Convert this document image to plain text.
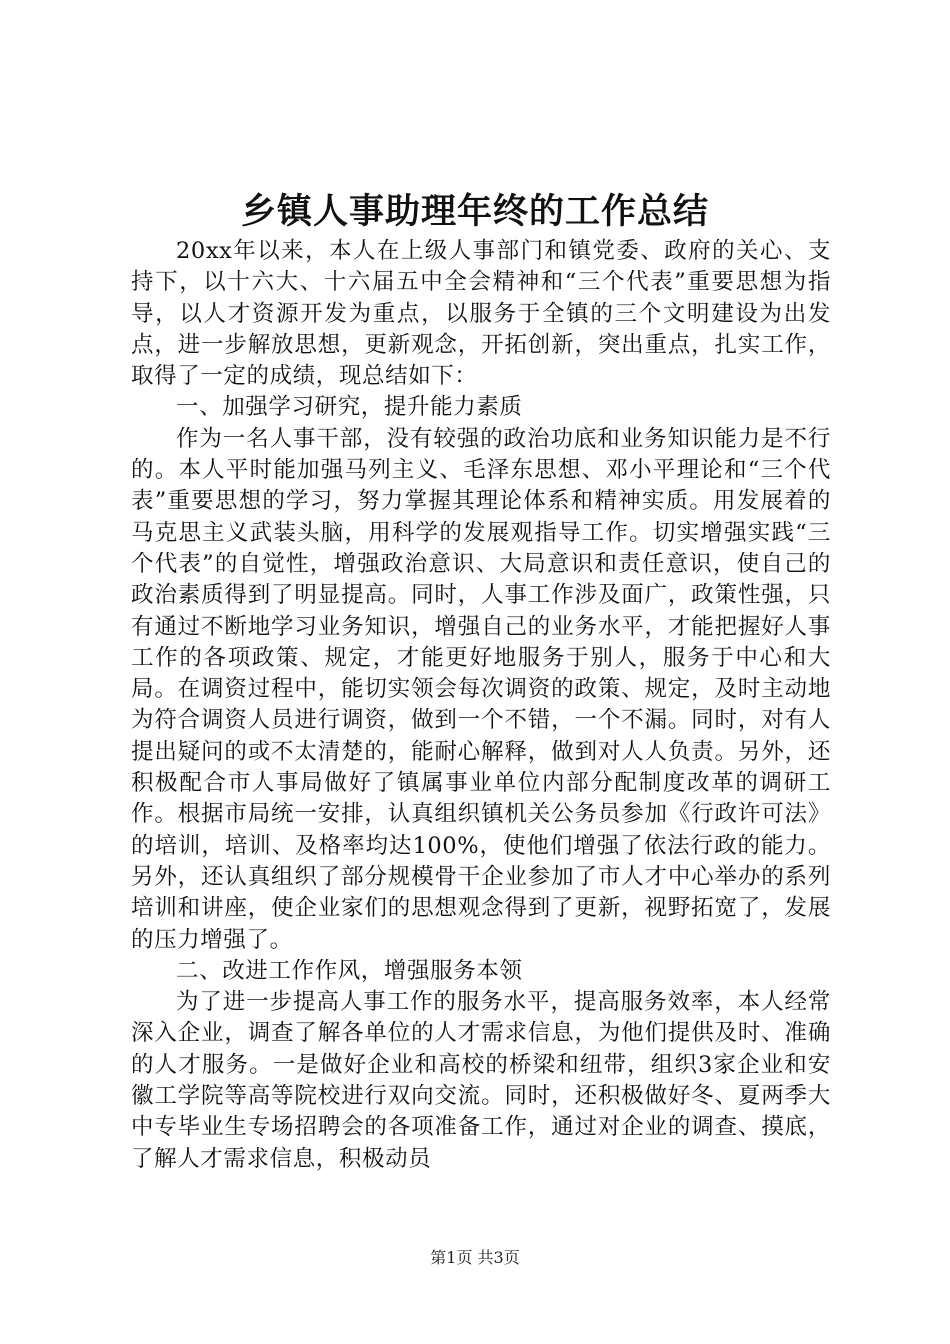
乡镇人事助理年终的工作总结

20xx年以来，本人在上级人事部门和镇党委、政府的关心、支持下，以十六大、十六届五中全会精神和“三个代表”重要思想为指导，以人才资源开发为重点，以服务于全镇的三个文明建设为出发点，进一步解放思想，更新观念，开拓创新，突出重点，扎实工作，取得了一定的成绩，现总结如下：

一、加强学习研究，提升能力素质

作为一名人事干部，没有较强的政治功底和业务知识能力是不行的。本人平时能加强马列主义、毛泽东思想、邓小平理论和“三个代表”重要思想的学习，努力掌握其理论体系和精神实质。用发展着的马克思主义武装头脑，用科学的发展观指导工作。切实增强实践“三个代表”的自觉性，增强政治意识、大局意识和责任意识，使自己的政治素质得到了明显提高。同时，人事工作涉及面广，政策性强，只有通过不断地学习业务知识，增强自己的业务水平，才能把握好人事工作的各项政策、规定，才能更好地服务于别人，服务于中心和大局。在调资过程中，能切实领会每次调资的政策、规定，及时主动地为符合调资人员进行调资，做到一个不错，一个不漏。同时，对有人提出疑问的或不太清楚的，能耐心解释，做到对人人负责。另外，还积极配合市人事局做好了镇属事业单位内部分配制度改革的调研工作。根据市局统一安排，认真组织镇机关公务员参加《行政许可法》的培训，培训、及格率均达100%，使他们增强了依法行政的能力。另外，还认真组织了部分规模骨干企业参加了市人才中心举办的系列培训和讲座，使企业家们的思想观念得到了更新，视野拓宽了，发展的压力增强了。

二、改进工作作风，增强服务本领

为了进一步提高人事工作的服务水平，提高服务效率，本人经常深入企业，调查了解各单位的人才需求信息，为他们提供及时、准确的人才服务。一是做好企业和高校的桥梁和纽带，组织3家企业和安徽工学院等高等院校进行双向交流。同时，还积极做好冬、夏两季大中专毕业生专场招聘会的各项准备工作，通过对企业的调查、摸底，了解人才需求信息，积极动员

第1页 共3页
